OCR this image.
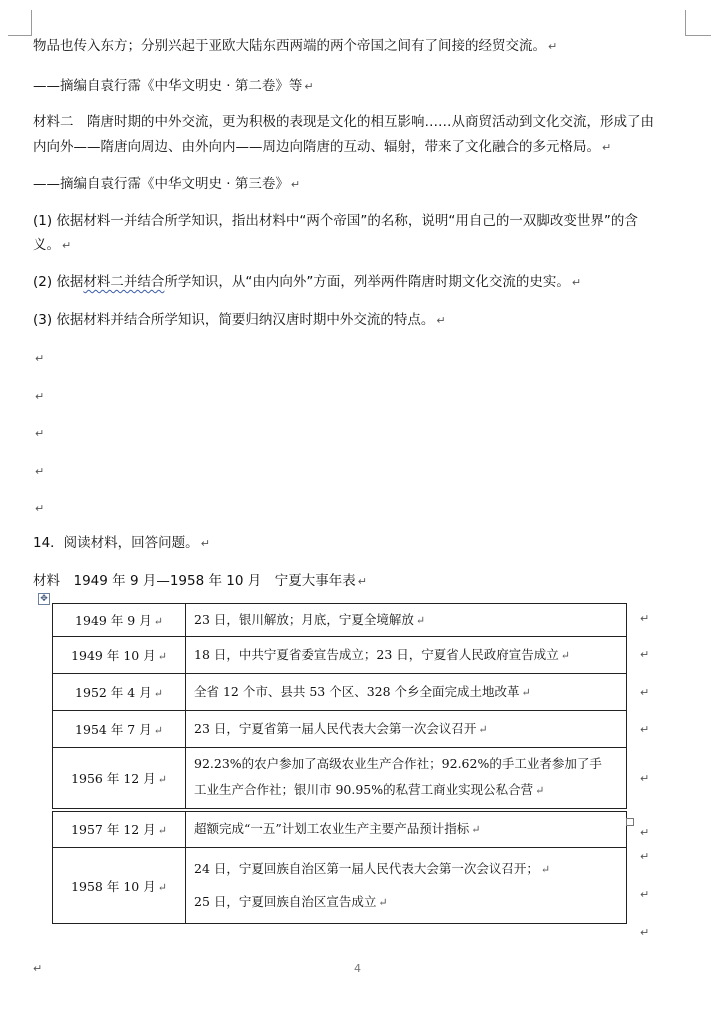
物品也传入东方；分别兴起于亚欧大陆东西两端的两个帝国之间有了间接的经贸交流。 ↵
——摘编自袁行霈《中华文明史 · 第二卷》等 ↵
材料二　隋唐时期的中外交流，更为积极的表现是文化的相互影响……从商贸活动到文化交流，形成了由
内向外——隋唐向周边、由外向内——周边向隋唐的互动、辐射，带来了文化融合的多元格局。 ↵
——摘编自袁行霈《中华文明史 · 第三卷》 ↵
(1) 依据材料一并结合所学知识，指出材料中“两个帝国”的名称，说明“用自己的一双脚改变世界”的含
义。 ↵
(2) 依据材料二并结合所学知识，从“由内向外”方面，列举两件隋唐时期文化交流的史实。 ↵
(3) 依据材料并结合所学知识，简要归纳汉唐时期中外交流的特点。 ↵
↵
↵
↵
↵
↵
14．阅读材料，回答问题。 ↵
材料　1949 年 9 月—1958 年 10 月　宁夏大事年表 ↵
✥
1949 年 9 月 ↵	23 日，银川解放；月底，宁夏全境解放 ↵
1949 年 10 月 ↵	18 日，中共宁夏省委宣告成立；23 日，宁夏省人民政府宣告成立 ↵
1952 年 4 月 ↵	全省 12 个市、县共 53 个区、328 个乡全面完成土地改革 ↵
1954 年 7 月 ↵	23 日，宁夏省第一届人民代表大会第一次会议召开 ↵
1956 年 12 月 ↵	92.23%的农户参加了高级农业生产合作社；92.62%的手工业者参加了手
工业生产合作社；银川市 90.95%的私营工商业实现公私合营 ↵

1957 年 12 月 ↵	超额完成“一五”计划工农业生产主要产品预计指标 ↵
1958 年 10 月 ↵	24 日，宁夏回族自治区第一届人民代表大会第一次会议召开； ↵
25 日，宁夏回族自治区宣告成立 ↵
↵
↵
↵
↵
↵
↵
↵
↵
↵
↵	4
